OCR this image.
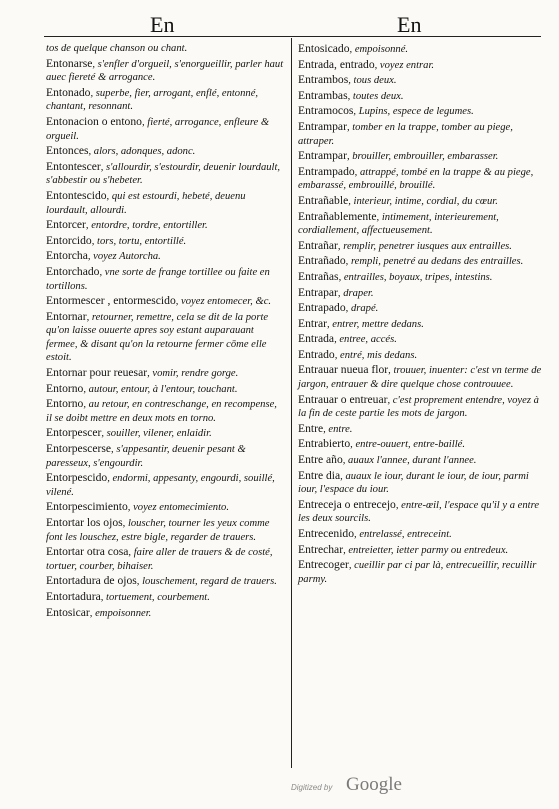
En	En

tos de quelque chanson ou chant.

Entonarse, s'enfler d'orgueil, s'enorgueillir, parler haut auec fiereté & arrogance.

Entonado, superbe, fier, arrogant, enflé, entonné, chantant, resonnant.

Entonacion o entono, fierté, arrogance, enfleure & orgueil.

Entonces, alors, adonques, adonc.

Entontescer, s'allourdir, s'estourdir, deuenir lourdault, s'abbestir ou s'hebeter.

Entontescido, qui est estourdi, hebeté, deuenu lourdault, allourdi.

Entorcer, entordre, tordre, entortiller.

Entorcido, tors, tortu, entortillé.

Entorcha, voyez Autorcha.

Entorchado, vne sorte de frange tortillee ou faite en tortillons.

Entormescer , entormescido, voyez entomecer, &c.

Entornar, retourner, remettre, cela se dit de la porte qu'on laisse ouuerte apres soy estant auparauant fermee, & disant qu'on la retourne fermer cōme elle estoit.

Entornar pour reuesar, vomir, rendre gorge.

Entorno, autour, entour, à l'entour, touchant.

Entorno, au retour, en contreschange, en recompense, il se doibt mettre en deux mots en torno.

Entorpescer, souiller, vilener, enlaidir.

Entorpescerse, s'appesantir, deuenir pesant & paresseux, s'engourdir.

Entorpescido, endormi, appesanty, engourdi, souillé, vilené.

Entorpescimiento, voyez entomecimiento.

Entortar los ojos, louscher, tourner les yeux comme font les louschez, estre bigle, regarder de trauers.

Entortar otra cosa, faire aller de trauers & de costé, tortuer, courber, bihaiser.

Entortadura de ojos, louschement, regard de trauers.

Entortadura, tortuement, courbement.

Entosicar, empoisonner.

Entosicado, empoisonné.

Entrada, entrado, voyez entrar.

Entrambos, tous deux.

Entrambas, toutes deux.

Entramocos, Lupins, espece de legumes.

Entrampar, tomber en la trappe, tomber au piege, attraper.

Entrampar, brouiller, embrouiller, embarasser.

Entrampado, attrappé, tombé en la trappe & au piege, embarassé, embrouillé, brouillé.

Entrañable, interieur, intime, cordial, du cœur.

Entrañablemente, intimement, interieurement, cordiallement, affectueusement.

Entrañar, remplir, penetrer iusques aux entrailles.

Entrañado, rempli, penetré au dedans des entrailles.

Entrañas, entrailles, boyaux, tripes, intestins.

Entrapar, draper.

Entrapado, drapé.

Entrar, entrer, mettre dedans.

Entrada, entree, accés.

Entrado, entré, mis dedans.

Entrauar nueua flor, trouuer, inuenter: c'est vn terme de jargon, entrauer & dire quelque chose controuuee.

Entrauar o entreuar, c'est proprement entendre, voyez à la fin de ceste partie les mots de jargon.

Entre, entre.

Entrabierto, entre-ouuert, entre-baillé.

Entre año, auaux l'annee, durant l'annee.

Entre dia, auaux le iour, durant le iour, de iour, parmi iour, l'espace du iour.

Entreceja o entrecejo, entre-œil, l'espace qu'il y a entre les deux sourcils.

Entrecenido, entrelassé, entreceint.

Entrechar, entreietter, ietter parmy ou entredeux.

Entrecoger, cueillir par ci par là, entrecueillir, recuillir parmy.

Digitized by Google
